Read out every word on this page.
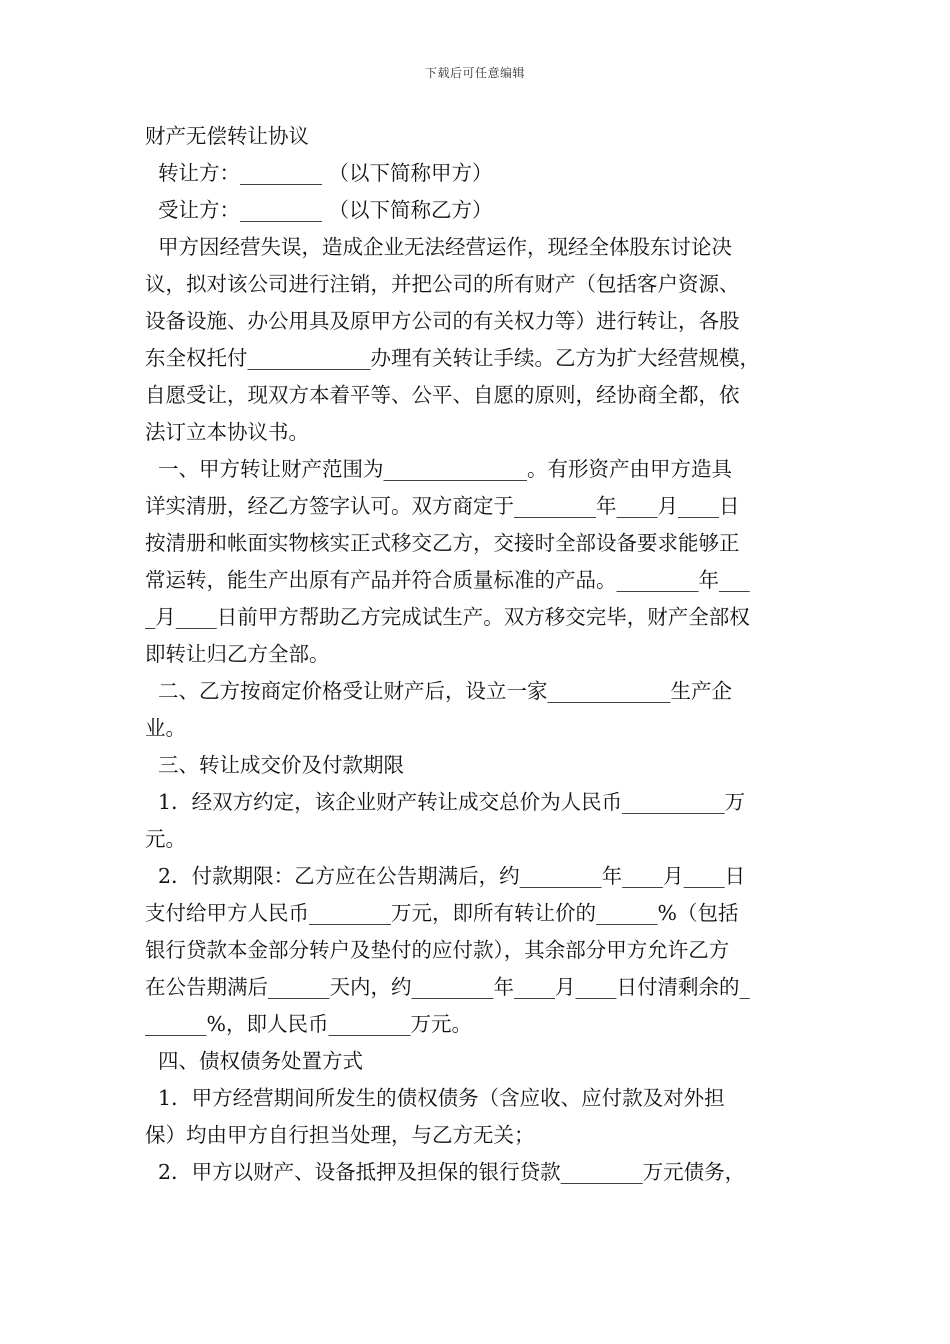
下载后可任意编辑
财产无偿转让协议
转让方：________ （以下简称甲方）
受让方：________ （以下简称乙方）
甲方因经营失误，造成企业无法经营运作，现经全体股东讨论决
议，拟对该公司进行注销，并把公司的所有财产（包括客户资源、
设备设施、办公用具及原甲方公司的有关权力等）进行转让，各股
东全权托付____________办理有关转让手续。乙方为扩大经营规模，
自愿受让，现双方本着平等、公平、自愿的原则，经协商全都，依
法订立本协议书。
一、甲方转让财产范围为______________。有形资产由甲方造具
详实清册，经乙方签字认可。双方商定于________年____月____日
按清册和帐面实物核实正式移交乙方，交接时全部设备要求能够正
常运转，能生产出原有产品并符合质量标准的产品。________年___
_月____日前甲方帮助乙方完成试生产。双方移交完毕，财产全部权
即转让归乙方全部。
二、乙方按商定价格受让财产后，设立一家____________生产企
业。
三、转让成交价及付款期限
1．经双方约定，该企业财产转让成交总价为人民币__________万
元。
2．付款期限：乙方应在公告期满后，约________年____月____日
支付给甲方人民币________万元，即所有转让价的______%（包括
银行贷款本金部分转户及垫付的应付款），其余部分甲方允许乙方
在公告期满后______天内，约________年____月____日付清剩余的_
______%，即人民币________万元。
四、债权债务处置方式
1．甲方经营期间所发生的债权债务（含应收、应付款及对外担
保）均由甲方自行担当处理，与乙方无关；
2．甲方以财产、设备抵押及担保的银行贷款________万元债务，
